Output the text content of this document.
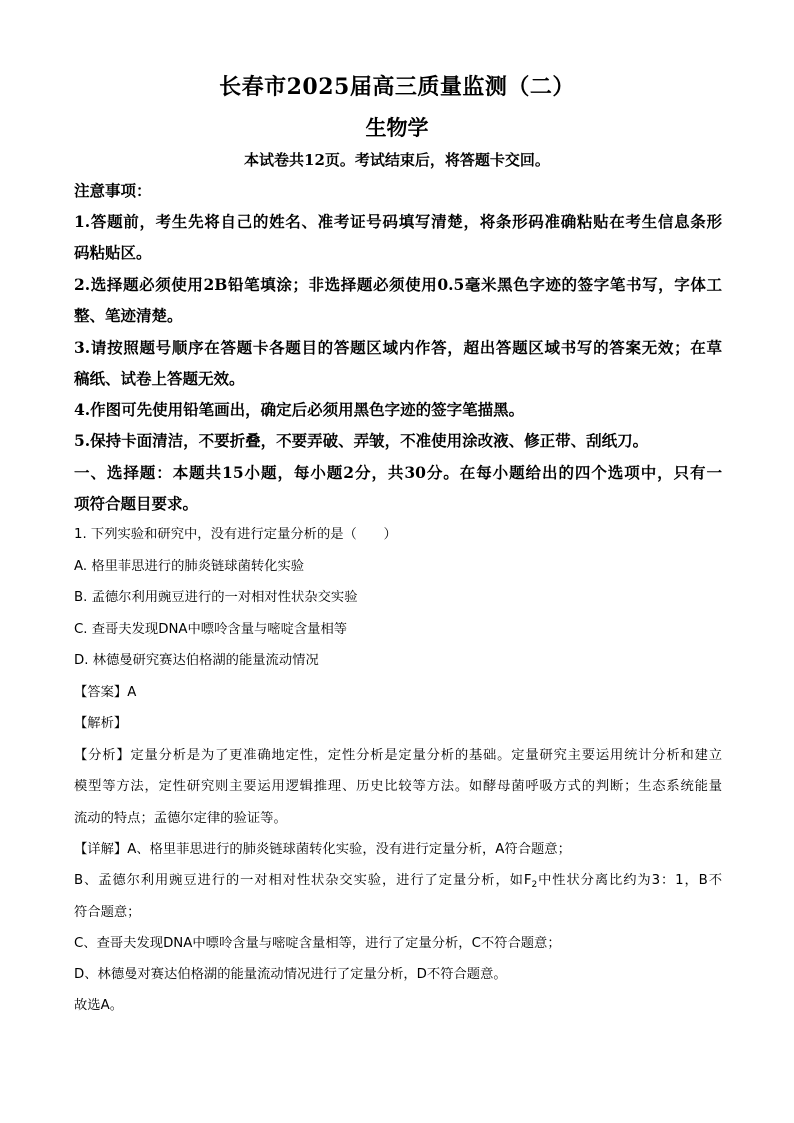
长春市2025届高三质量监测（二）
生物学
本试卷共12页。考试结束后，将答题卡交回。
注意事项：
1.答题前，考生先将自己的姓名、准考证号码填写清楚，将条形码准确粘贴在考生信息条形
码粘贴区。
2.选择题必须使用2B铅笔填涂；非选择题必须使用0.5毫米黑色字迹的签字笔书写，字体工
整、笔迹清楚。
3.请按照题号顺序在答题卡各题目的答题区域内作答，超出答题区域书写的答案无效；在草
稿纸、试卷上答题无效。
4.作图可先使用铅笔画出，确定后必须用黑色字迹的签字笔描黑。
5.保持卡面清洁，不要折叠，不要弄破、弄皱，不准使用涂改液、修正带、刮纸刀。
一、选择题：本题共15小题，每小题2分，共30分。在每小题给出的四个选项中，只有一
项符合题目要求。
1. 下列实验和研究中，没有进行定量分析的是（　　）
A. 格里菲思进行的肺炎链球菌转化实验
B. 孟德尔利用豌豆进行的一对相对性状杂交实验
C. 查哥夫发现DNA中嘌呤含量与嘧啶含量相等
D. 林德曼研究赛达伯格湖的能量流动情况
【 答案 】 A
【 解析 】
【 分析 】 定量分析是为了更准确地定性，定性分析是定量分析的基础。定量研究主要运用统计分析和建立
模型等方法，定性研究则主要运用逻辑推理、历史比较等方法。如酵母菌呼吸方式的判断；生态系统能量
流动的特点；孟德尔定律的验证等。
【 详解 】 A、格里菲思进行的肺炎链球菌转化实验，没有进行定量分析，A符合题意；
B、孟德尔利用豌豆进行的一对相对性状杂交实验，进行了定量分析，如$F_2$中性状分离比约为3：1，B不
符合题意；
C、查哥夫发现DNA中嘌呤含量与嘧啶含量相等，进行了定量分析，C不符合题意；
D、林德曼对赛达伯格湖的能量流动情况进行了定量分析，D不符合题意。
故选A。
